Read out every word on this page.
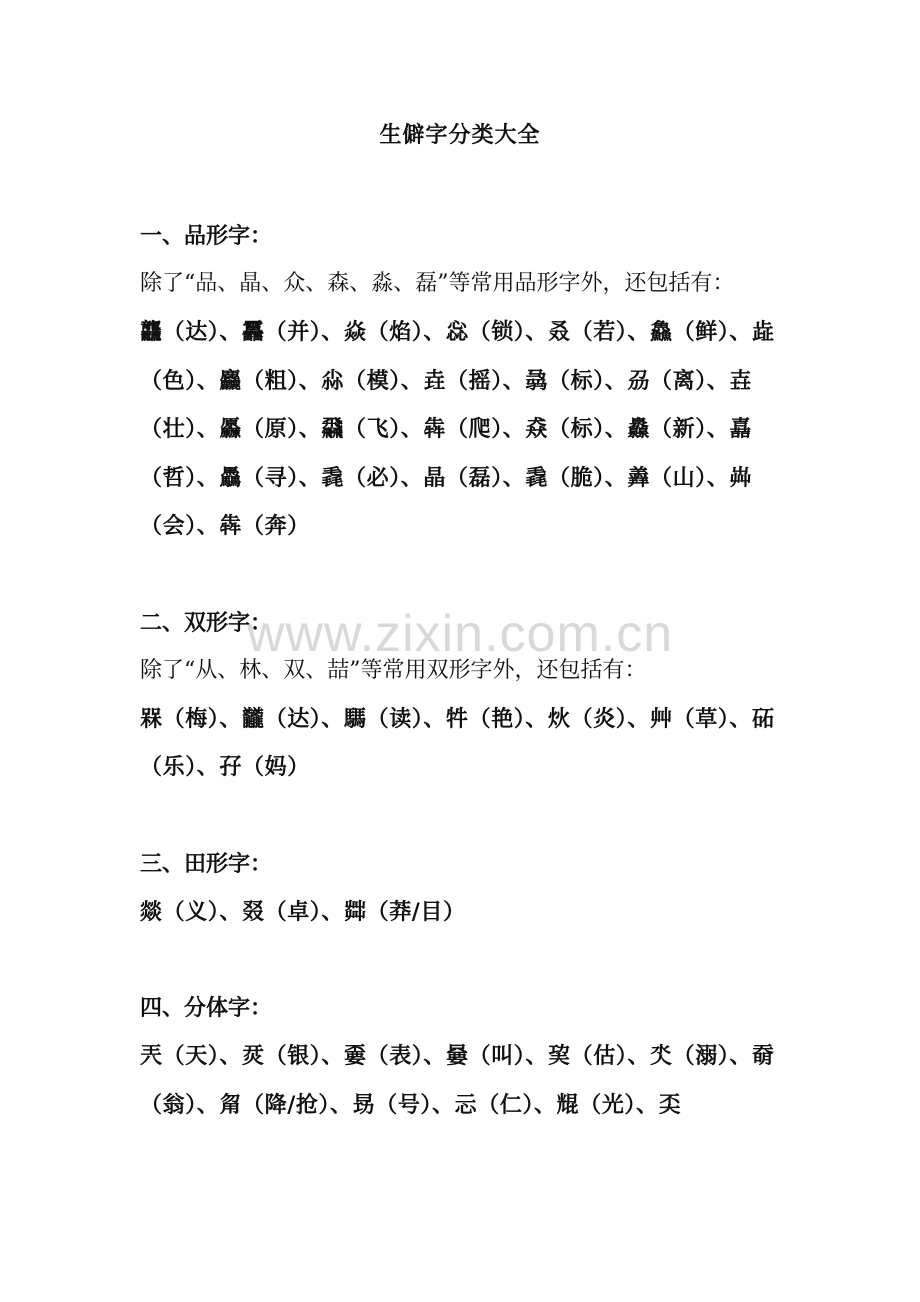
生僻字分类大全
www.zixin.com.cn
一、品形字：
除了“品、晶、众、森、淼、磊”等常用品形字外，还包括有：
龘（达）、靐（并）、焱（焰）、惢（锁）、叒（若）、鱻（鲜）、歮（色）、麤（粗）、尛（模）、垚（摇）、骉（标）、刕（离）、壵（壮）、厵（原）、飝（飞）、犇（爬）、猋（标）、灥（新）、嚞（哲）、驫（寻）、毳（必）、晶（磊）、毳（脆）、羴（山）、芔（会）、犇（奔）
二、双形字：
除了“从、林、双、喆”等常用双形字外，还包括有：
槑（梅）、龖（达）、騳（读）、牪（艳）、炏（炎）、艸（草）、砳（乐）、孖（妈）
三、田形字：
燚（义）、叕（卓）、茻（莽/目）
四、分体字：
兲（天）、烎（银）、嫑（表）、嘦（叫）、巭（估）、氼（溺）、奣（翁）、甮（降/抢）、昮（号）、忈（仁）、尡（光）、奀
